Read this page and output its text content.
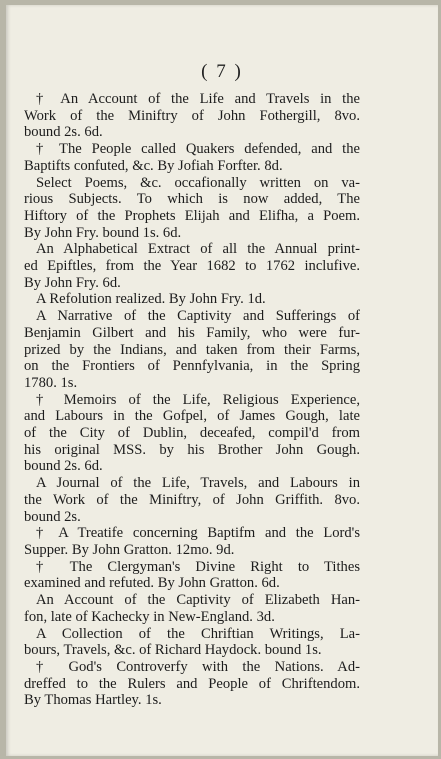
( 7 )
† An Account of the Life and Travels in the
Work of the Miniftry of John Fothergill, 8vo.
bound 2s. 6d.
† The People called Quakers defended, and the
Baptifts confuted, &c. By Jofiah Forfter. 8d.
Select Poems, &c. occafionally written on va-
rious Subjects. To which is now added, The
Hiftory of the Prophets Elijah and Elifha, a Poem.
By John Fry. bound 1s. 6d.
An Alphabetical Extract of all the Annual print-
ed Epiftles, from the Year 1682 to 1762 inclufive.
By John Fry. 6d.
A Refolution realized. By John Fry. 1d.
A Narrative of the Captivity and Sufferings of
Benjamin Gilbert and his Family, who were fur-
prized by the Indians, and taken from their Farms,
on the Frontiers of Pennfylvania, in the Spring
1780. 1s.
† Memoirs of the Life, Religious Experience,
and Labours in the Gofpel, of James Gough, late
of the City of Dublin, deceafed, compil'd from
his original MSS. by his Brother John Gough.
bound 2s. 6d.
A Journal of the Life, Travels, and Labours in
the Work of the Miniftry, of John Griffith. 8vo.
bound 2s.
† A Treatife concerning Baptifm and the Lord's
Supper. By John Gratton. 12mo. 9d.
† The Clergyman's Divine Right to Tithes
examined and refuted. By John Gratton. 6d.
An Account of the Captivity of Elizabeth Han-
fon, late of Kachecky in New-England. 3d.
A Collection of the Chriftian Writings, La-
bours, Travels, &c. of Richard Haydock. bound 1s.
† God's Controverfy with the Nations. Ad-
dreffed to the Rulers and People of Chriftendom.
By Thomas Hartley. 1s.
